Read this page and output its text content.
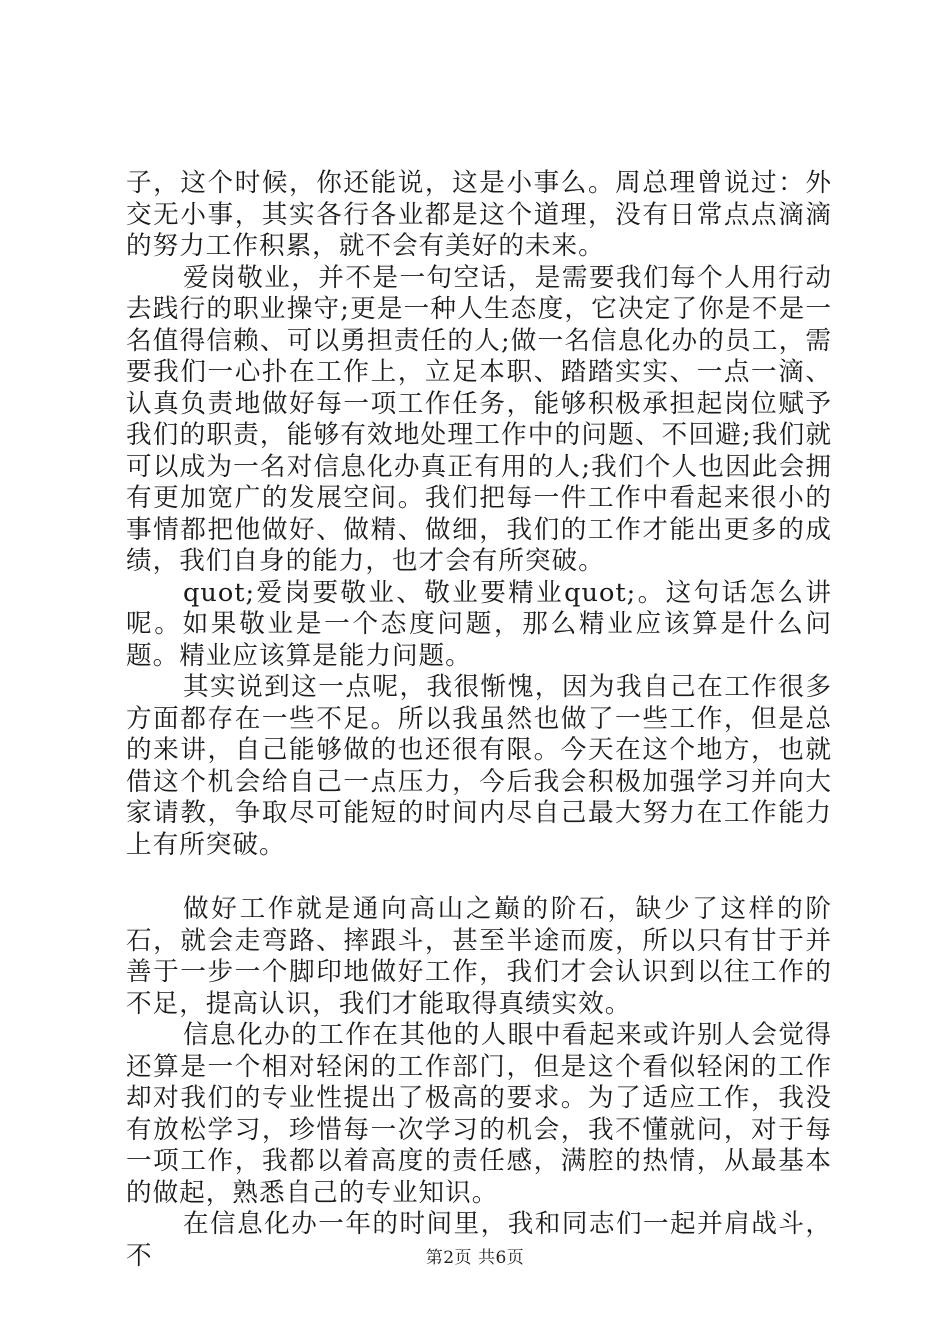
子，这个时候，你还能说，这是小事么。周总理曾说过：外交无小事，其实各行各业都是这个道理，没有日常点点滴滴的努力工作积累，就不会有美好的未来。

爱岗敬业，并不是一句空话，是需要我们每个人用行动去践行的职业操守;更是一种人生态度，它决定了你是不是一名值得信赖、可以勇担责任的人;做一名信息化办的员工，需要我们一心扑在工作上，立足本职、踏踏实实、一点一滴、认真负责地做好每一项工作任务，能够积极承担起岗位赋予我们的职责，能够有效地处理工作中的问题、不回避;我们就可以成为一名对信息化办真正有用的人;我们个人也因此会拥有更加宽广的发展空间。我们把每一件工作中看起来很小的事情都把他做好、做精、做细，我们的工作才能出更多的成绩，我们自身的能力，也才会有所突破。

quot;爱岗要敬业、敬业要精业quot;。这句话怎么讲呢。如果敬业是一个态度问题，那么精业应该算是什么问题。精业应该算是能力问题。

其实说到这一点呢，我很惭愧，因为我自己在工作很多方面都存在一些不足。所以我虽然也做了一些工作，但是总的来讲，自己能够做的也还很有限。今天在这个地方，也就借这个机会给自己一点压力，今后我会积极加强学习并向大家请教，争取尽可能短的时间内尽自己最大努力在工作能力上有所突破。

做好工作就是通向高山之巅的阶石，缺少了这样的阶石，就会走弯路、摔跟斗，甚至半途而废，所以只有甘于并善于一步一个脚印地做好工作，我们才会认识到以往工作的不足，提高认识，我们才能取得真绩实效。

信息化办的工作在其他的人眼中看起来或许别人会觉得还算是一个相对轻闲的工作部门，但是这个看似轻闲的工作却对我们的专业性提出了极高的要求。为了适应工作，我没有放松学习，珍惜每一次学习的机会，我不懂就问，对于每一项工作，我都以着高度的责任感，满腔的热情，从最基本的做起，熟悉自己的专业知识。

在信息化办一年的时间里，我和同志们一起并肩战斗，不	第2页 共6页
